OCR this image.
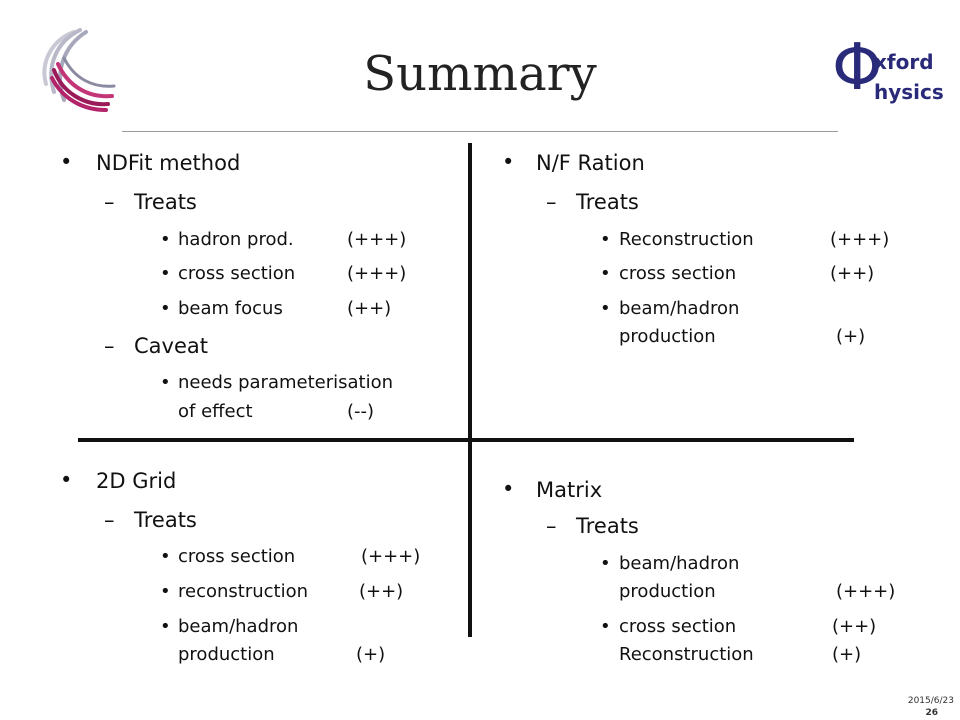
Summary	Φ
xford
hysics
• NDFit method
– Treats
• hadron prod.	(+++)
• cross section	(+++)
• beam focus	(++)
– Caveat
• needs parameterisation
of effect	(--)
• N/F Ration
– Treats
• Reconstruction	(+++)
• cross section	(++)
• beam/hadron
production	(+)
• 2D Grid
– Treats
• cross section	(+++)
• reconstruction	(++)
• beam/hadron
production	(+)
• Matrix
– Treats
• beam/hadron
production	(+++)
• cross section	(++)
Reconstruction	(+)
2015/6/23
26
